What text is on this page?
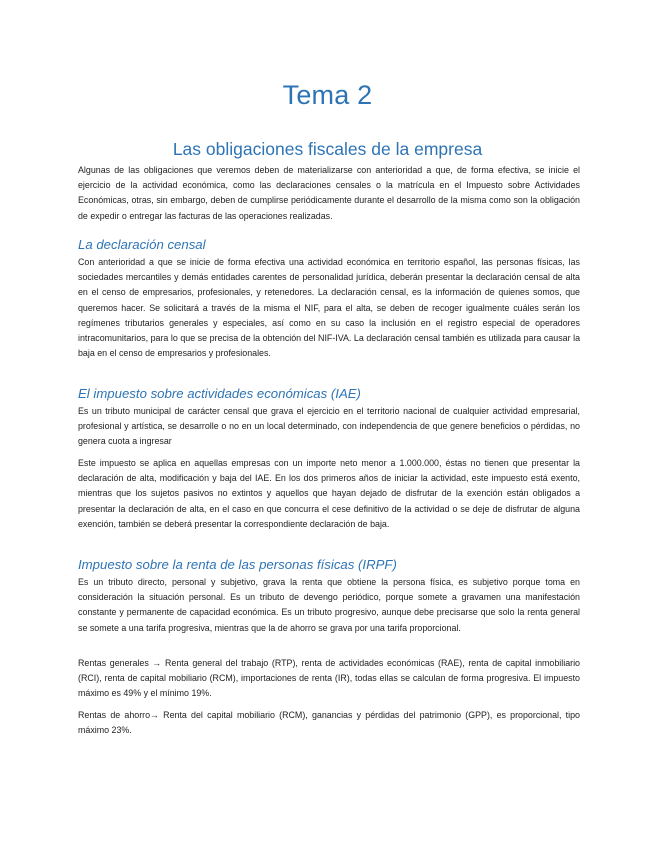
Tema 2
Las obligaciones fiscales de la empresa
Algunas de las obligaciones que veremos deben de materializarse con anterioridad a que, de forma efectiva, se inicie el ejercicio de la actividad económica, como las declaraciones censales o la matrícula en el Impuesto sobre Actividades Económicas, otras, sin embargo, deben de cumplirse periódicamente durante el desarrollo de la misma como son la obligación de expedir o entregar las facturas de las operaciones realizadas.
La declaración censal
Con anterioridad a que se inicie de forma efectiva una actividad económica en territorio español, las personas físicas, las sociedades mercantiles y demás entidades carentes de personalidad jurídica, deberán presentar la declaración censal de alta en el censo de empresarios, profesionales, y retenedores. La declaración censal, es la información de quienes somos, que queremos hacer. Se solicitará a través de la misma el NIF, para el alta, se deben de recoger igualmente cuáles serán los regímenes tributarios generales y especiales, así como en su caso la inclusión en el registro especial de operadores intracomunitarios, para lo que se precisa de la obtención del NIF-IVA. La declaración censal también es utilizada para causar la baja en el censo de empresarios y profesionales.
El impuesto sobre actividades económicas (IAE)
Es un tributo municipal de carácter censal que grava el ejercicio en el territorio nacional de cualquier actividad empresarial, profesional y artística, se desarrolle o no en un local determinado, con independencia de que genere beneficios o pérdidas, no genera cuota a ingresar
Este impuesto se aplica en aquellas empresas con un importe neto menor a 1.000.000, éstas no tienen que presentar la declaración de alta, modificación y baja del IAE. En los dos primeros años de iniciar la actividad, este impuesto está exento, mientras que los sujetos pasivos no extintos y aquellos que hayan dejado de disfrutar de la exención están obligados a presentar la declaración de alta, en el caso en que concurra el cese definitivo de la actividad o se deje de disfrutar de alguna exención, también se deberá presentar la correspondiente declaración de baja.
Impuesto sobre la renta de las personas físicas (IRPF)
Es un tributo directo, personal y subjetivo, grava la renta que obtiene la persona física, es subjetivo porque toma en consideración la situación personal. Es un tributo de devengo periódico, porque somete a gravamen una manifestación constante y permanente de capacidad económica. Es un tributo progresivo, aunque debe precisarse que solo la renta general se somete a una tarifa progresiva, mientras que la de ahorro se grava por una tarifa proporcional.
Rentas generales → Renta general del trabajo (RTP), renta de actividades económicas (RAE), renta de capital inmobiliario (RCI), renta de capital mobiliario (RCM), importaciones de renta (IR), todas ellas se calculan de forma progresiva. El impuesto máximo es 49% y el mínimo 19%.
Rentas de ahorro→ Renta del capital mobiliario (RCM), ganancias y pérdidas del patrimonio (GPP), es proporcional, tipo máximo 23%.
